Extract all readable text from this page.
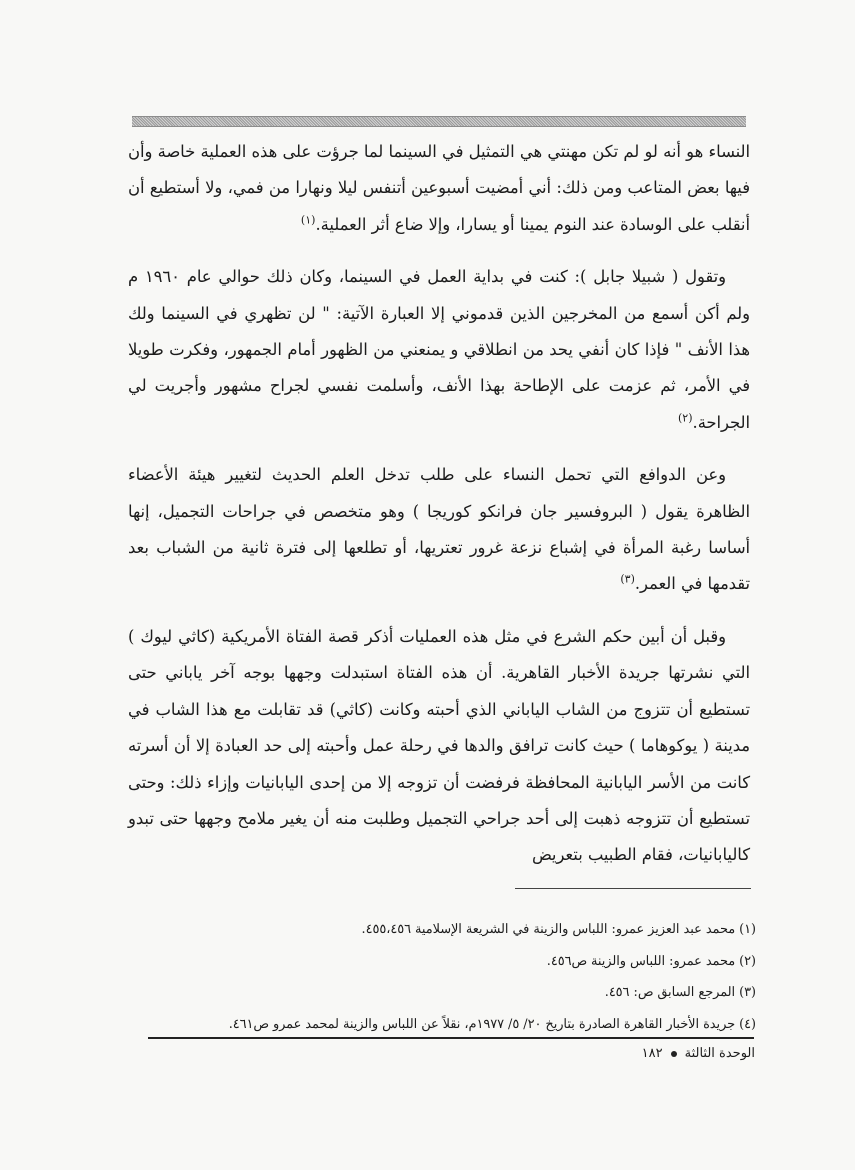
النساء هو أنه لو لم تكن مهنتي هي التمثيل في السينما لما جرؤت على هذه العملية خاصة وأن فيها بعض المتاعب ومن ذلك: أني أمضيت أسبوعين أتنفس ليلا ونهارا من فمي، ولا أستطيع أن أنقلب على الوسادة عند النوم يمينا أو يسارا، وإلا ضاع أثر العملية.$^{(١)}$

وتقول ( شبيلا جابل ): كنت في بداية العمل في السينما، وكان ذلك حوالي عام ١٩٦٠ م ولم أكن أسمع من المخرجين الذين قدموني إلا العبارة الآتية: " لن تظهري في السينما ولك هذا الأنف " فإذا كان أنفي يحد من انطلاقي و يمنعني من الظهور أمام الجمهور، وفكرت طويلا في الأمر، ثم عزمت على الإطاحة بهذا الأنف، وأسلمت نفسي لجراح مشهور وأجريت لي الجراحة.$^{(٢)}$

وعن الدوافع التي تحمل النساء على طلب تدخل العلم الحديث لتغيير هيئة الأعضاء الظاهرة يقول ( البروفسير جان فرانكو كوريجا ) وهو متخصص في جراحات التجميل، إنها أساسا رغبة المرأة في إشباع نزعة غرور تعتريها، أو تطلعها إلى فترة ثانية من الشباب بعد تقدمها في العمر.$^{(٣)}$

وقبل أن أبين حكم الشرع في مثل هذه العمليات أذكر قصة الفتاة الأمريكية (كاثي ليوك ) التي نشرتها جريدة الأخبار القاهرية. أن هذه الفتاة استبدلت وجهها بوجه آخر ياباني حتى تستطيع أن تتزوج من الشاب الياباني الذي أحبته وكانت (كاثي) قد تقابلت مع هذا الشاب في مدينة ( يوكوهاما ) حيث كانت ترافق والدها في رحلة عمل وأحبته إلى حد العبادة إلا أن أسرته كانت من الأسر اليابانية المحافظة فرفضت أن تزوجه إلا من إحدى اليابانيات وإزاء ذلك: وحتى تستطيع أن تتزوجه ذهبت إلى أحد جراحي التجميل وطلبت منه أن يغير ملامح وجهها حتى تبدو كاليابانيات، فقام الطبيب بتعريض

(١) محمد عبد العزيز عمرو: اللباس والزينة في الشريعة الإسلامية ٤٥٥،٤٥٦.
(٢) محمد عمرو: اللباس والزينة ص٤٥٦.
(٣) المرجع السابق ص: ٤٥٦.
(٤) جريدة الأخبار القاهرة الصادرة بتاريخ ٢٠/ ٥/ ١٩٧٧م، نقلاً عن اللباس والزينة لمحمد عمرو ص٤٦١.
الوحدة الثالثة
١٨٢
